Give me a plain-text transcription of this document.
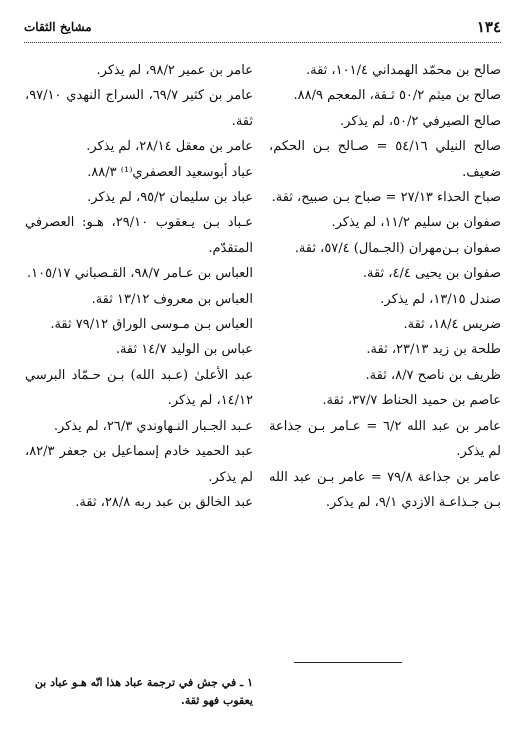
١٣٤
مشايخ الثقات

صالح بن محمّد الهمداني ١٠١/٤، ثقة.

صالح بن ميثم ٥٠/٢ ثـقة، المعجم ٨٨/٩.

صالح الصيرفي ٥٠/٢، لم يذكر.

صالح النيلي ٥٤/١٦ = صـالح بـن الحكم، ضعيف.

صباح الحذاء ٢٧/١٣ = صباح بـن صبيح، ثقة.

صفوان بن سليم ١١/٢، لم يذكر.

صفوان بـن‌مهران (الجـمال) ٥٧/٤، ثقة.

صفوان بن يحيى ٤/٤، ثقة.

صندل ١٣/١٥، لم يذكر.

ضريس ١٨/٤، ثقة.

طلحة بن زيد ٢٣/١٣، ثقة.

ظريف بن ناصح ٨/٧، ثقة.

عاصم بن حميد الحناط ٣٧/٧، ثقة.

عامر بن عبد الله ٦/٢ = عـامر بـن جذاعة لم يذكر.

عامر بن جذاعة ٧٩/٨ = عامر بـن عبد الله بـن جـذاعـة الازدي ٩/١، لم يذكر.

عامر بن عمير ٩٨/٢، لم يذكر.

عامر بن كثير ٦٩/٧، السراج النهدي ٩٧/١٠، ثقة.

عامر بن معقل ٢٨/١٤، لم يذكر.

عباد أبوسعيد العصفري⁽¹⁾ ٨٨/٣.

عباد بن سليمان ٩٥/٢، لم يذكر.

عـباد بـن يـعقوب ٢٩/١٠، هـو: العصرفي المتقدّم.

العباس بن عـامر ٩٨/٧، القـصباني ١٠٥/١٧.

العباس بن معروف ١٣/١٢ ثقة.

العباس بـن مـوسى الوراق ٧٩/١٢ ثقة.

عباس بن الوليد ١٤/٧ ثقة.

عبد الأعلىٰ (عـبد الله) بـن حـمّاد البرسي ١٤/١٢، لم يذكر.

عـبد الجـبار النـهاوندي ٢٦/٣، لم يذكر.

عبد الحميد خادم إسماعيل بن جعفر ٨٢/٣، لم يذكر.

عبد الخالق بن عبد ربه ٢٨/٨، ثقة.

١ ـ في جش في ترجمة عباد هذا انّه هـو عباد بن يعقوب فهو ثقة.
